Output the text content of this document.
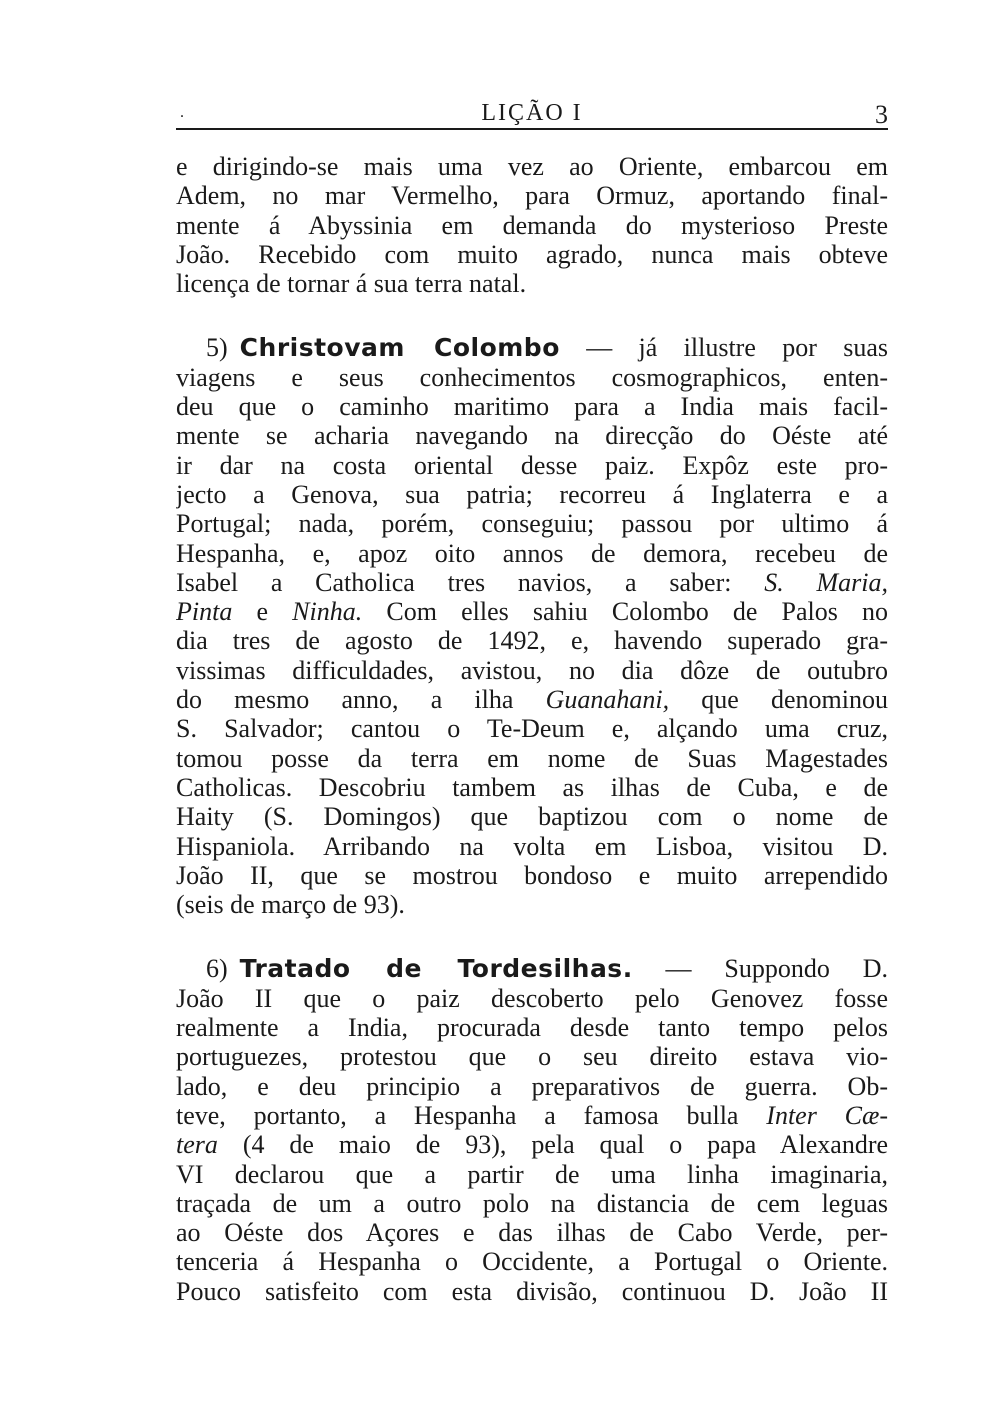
.	LIÇÃO I	3
e dirigindo-se mais uma vez ao Oriente, embarcou em
Adem, no mar Vermelho, para Ormuz, aportando final-
mente á Abyssinia em demanda do mysterioso Preste
João. Recebido com muito agrado, nunca mais obteve
licença de tornar á sua terra natal.
5) Christovam Colombo — já illustre por suas
viagens e seus conhecimentos cosmographicos, enten-
deu que o caminho maritimo para a India mais facil-
mente se acharia navegando na direcção do Oéste até
ir dar na costa oriental desse paiz. Expôz este pro-
jecto a Genova, sua patria; recorreu á Inglaterra e a
Portugal; nada, porém, conseguiu; passou por ultimo á
Hespanha, e, apoz oito annos de demora, recebeu de
Isabel a Catholica tres navios, a saber: S. Maria,
Pinta e Ninha. Com elles sahiu Colombo de Palos no
dia tres de agosto de 1492, e, havendo superado gra-
vissimas difficuldades, avistou, no dia dôze de outubro
do mesmo anno, a ilha Guanahani, que denominou
S. Salvador; cantou o Te-Deum e, alçando uma cruz,
tomou posse da terra em nome de Suas Magestades
Catholicas. Descobriu tambem as ilhas de Cuba, e de
Haity (S. Domingos) que baptizou com o nome de
Hispaniola. Arribando na volta em Lisboa, visitou D.
João II, que se mostrou bondoso e muito arrependido
(seis de março de 93).
6) Tratado de Tordesilhas. — Suppondo D.
João II que o paiz descoberto pelo Genovez fosse
realmente a India, procurada desde tanto tempo pelos
portuguezes, protestou que o seu direito estava vio-
lado, e deu principio a preparativos de guerra. Ob-
teve, portanto, a Hespanha a famosa bulla Inter Cæ-
tera (4 de maio de 93), pela qual o papa Alexandre
VI declarou que a partir de uma linha imaginaria,
traçada de um a outro polo na distancia de cem leguas
ao Oéste dos Açores e das ilhas de Cabo Verde, per-
tenceria á Hespanha o Occidente, a Portugal o Oriente.
Pouco satisfeito com esta divisão, continuou D. João II
